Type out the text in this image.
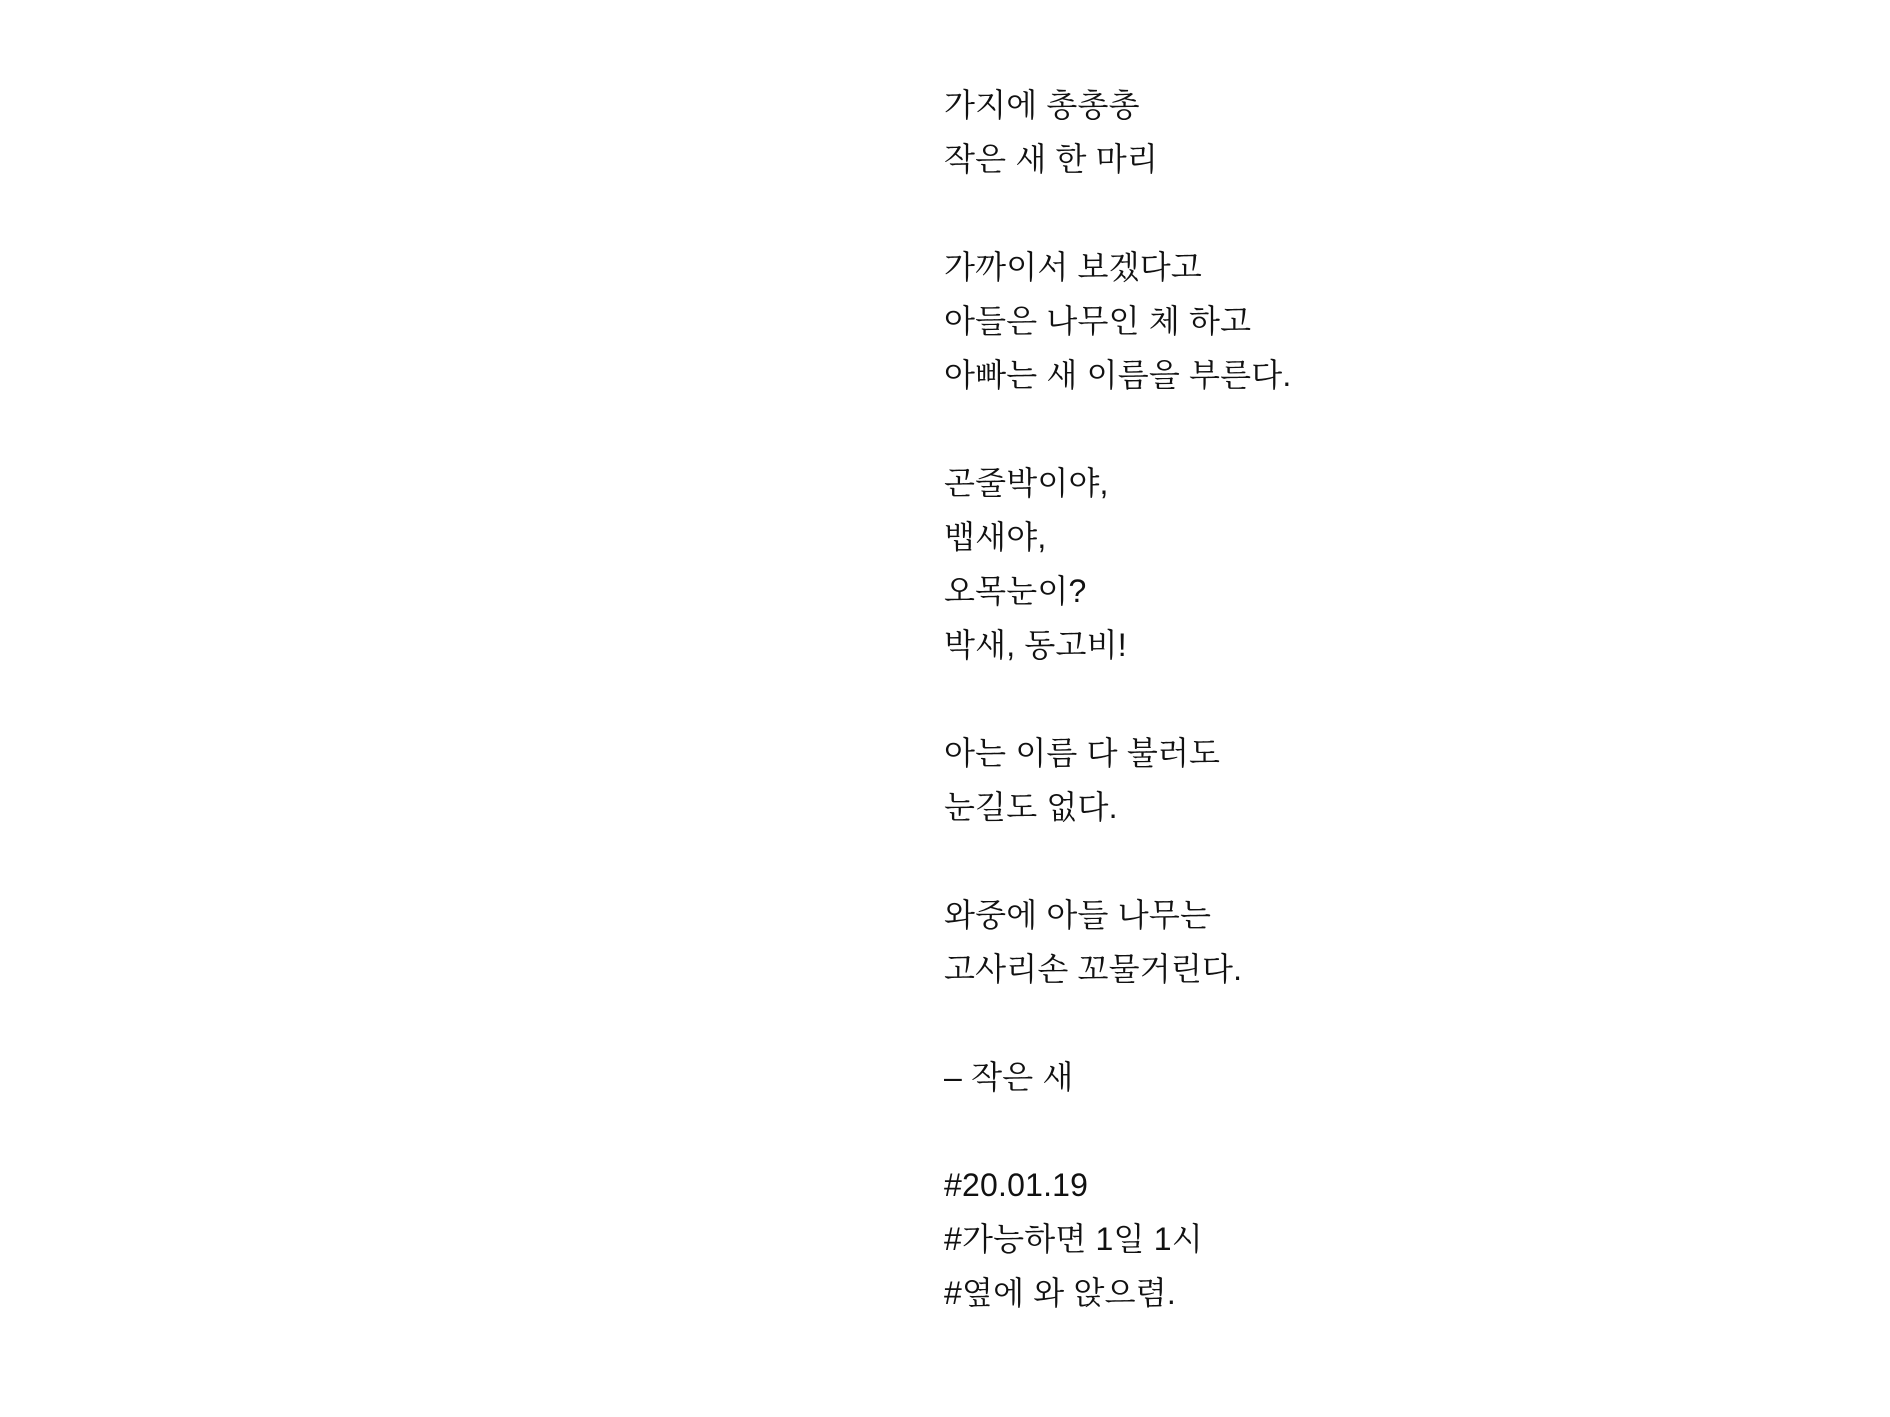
가지에 총총총
작은 새 한 마리
가까이서 보겠다고
아들은 나무인 체 하고
아빠는 새 이름을 부른다.
곤줄박이야,
뱁새야,
오목눈이?
박새, 동고비!
아는 이름 다 불러도
눈길도 없다.
와중에 아들 나무는
고사리손 꼬물거린다.
– 작은 새
#20.01.19
#가능하면 1일 1시
#옆에 와 앉으렴.
